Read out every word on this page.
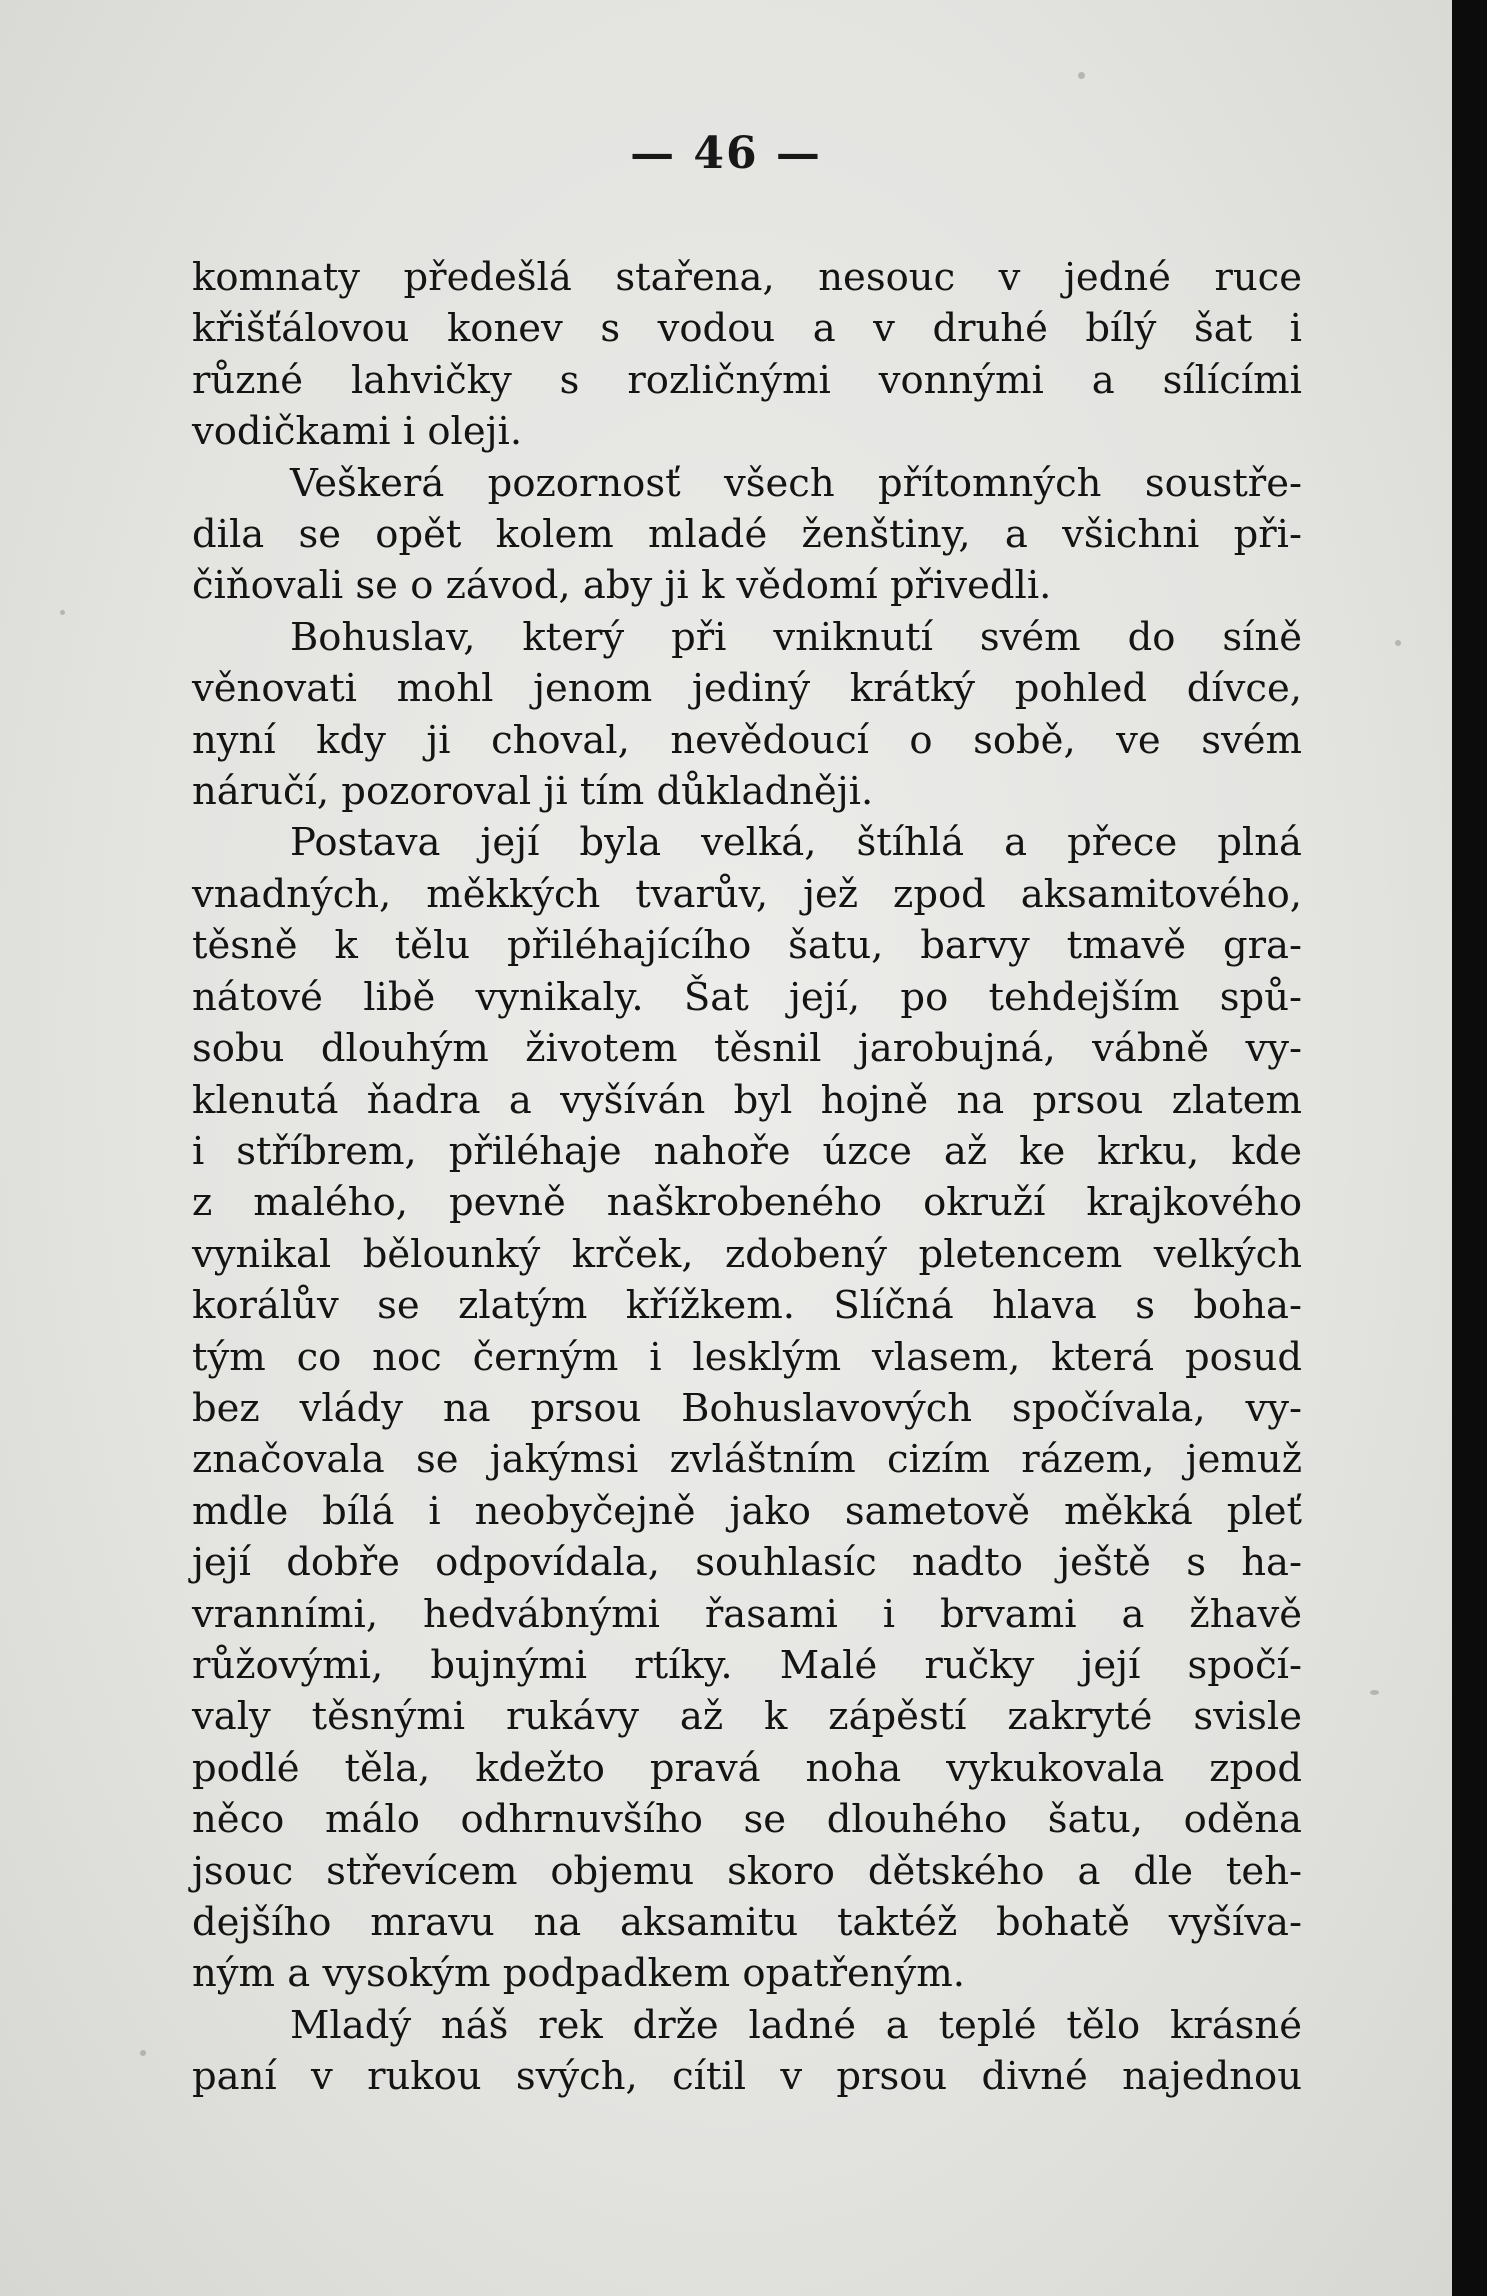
— 46 —

komnaty předešlá stařena, nesouc v jedné ruce
křišťálovou konev s vodou a v druhé bílý šat i
různé lahvičky s rozličnými vonnými a sílícími
vodičkami i oleji.

Veškerá pozornosť všech přítomných soustře-
dila se opět kolem mladé ženštiny, a všichni při-
čiňovali se o závod, aby ji k vědomí přivedli.

Bohuslav, který při vniknutí svém do síně
věnovati mohl jenom jediný krátký pohled dívce,
nyní kdy ji choval, nevědoucí o sobě, ve svém
náručí, pozoroval ji tím důkladněji.

Postava její byla velká, štíhlá a přece plná
vnadných, měkkých tvarův, jež zpod aksamitového,
těsně k tělu přiléhajícího šatu, barvy tmavě gra-
nátové libě vynikaly. Šat její, po tehdejším spů-
sobu dlouhým životem těsnil jarobujná, vábně vy-
klenutá ňadra a vyšíván byl hojně na prsou zlatem
i stříbrem, přiléhaje nahoře úzce až ke krku, kde
z malého, pevně naškrobeného okruží krajkového
vynikal bělounký krček, zdobený pletencem velkých
korálův se zlatým křížkem. Slíčná hlava s boha-
tým co noc černým i lesklým vlasem, která posud
bez vlády na prsou Bohuslavových spočívala, vy-
značovala se jakýmsi zvláštním cizím rázem, jemuž
mdle bílá i neobyčejně jako sametově měkká pleť
její dobře odpovídala, souhlasíc nadto ještě s ha-
vranními, hedvábnými řasami i brvami a žhavě
růžovými, bujnými rtíky. Malé ručky její spočí-
valy těsnými rukávy až k zápěstí zakryté svisle
podlé těla, kdežto pravá noha vykukovala zpod
něco málo odhrnuvšího se dlouhého šatu, oděna
jsouc střevícem objemu skoro dětského a dle teh-
dejšího mravu na aksamitu taktéž bohatě vyšíva-
ným a vysokým podpadkem opatřeným.

Mladý náš rek drže ladné a teplé tělo krásné
paní v rukou svých, cítil v prsou divné najednou
